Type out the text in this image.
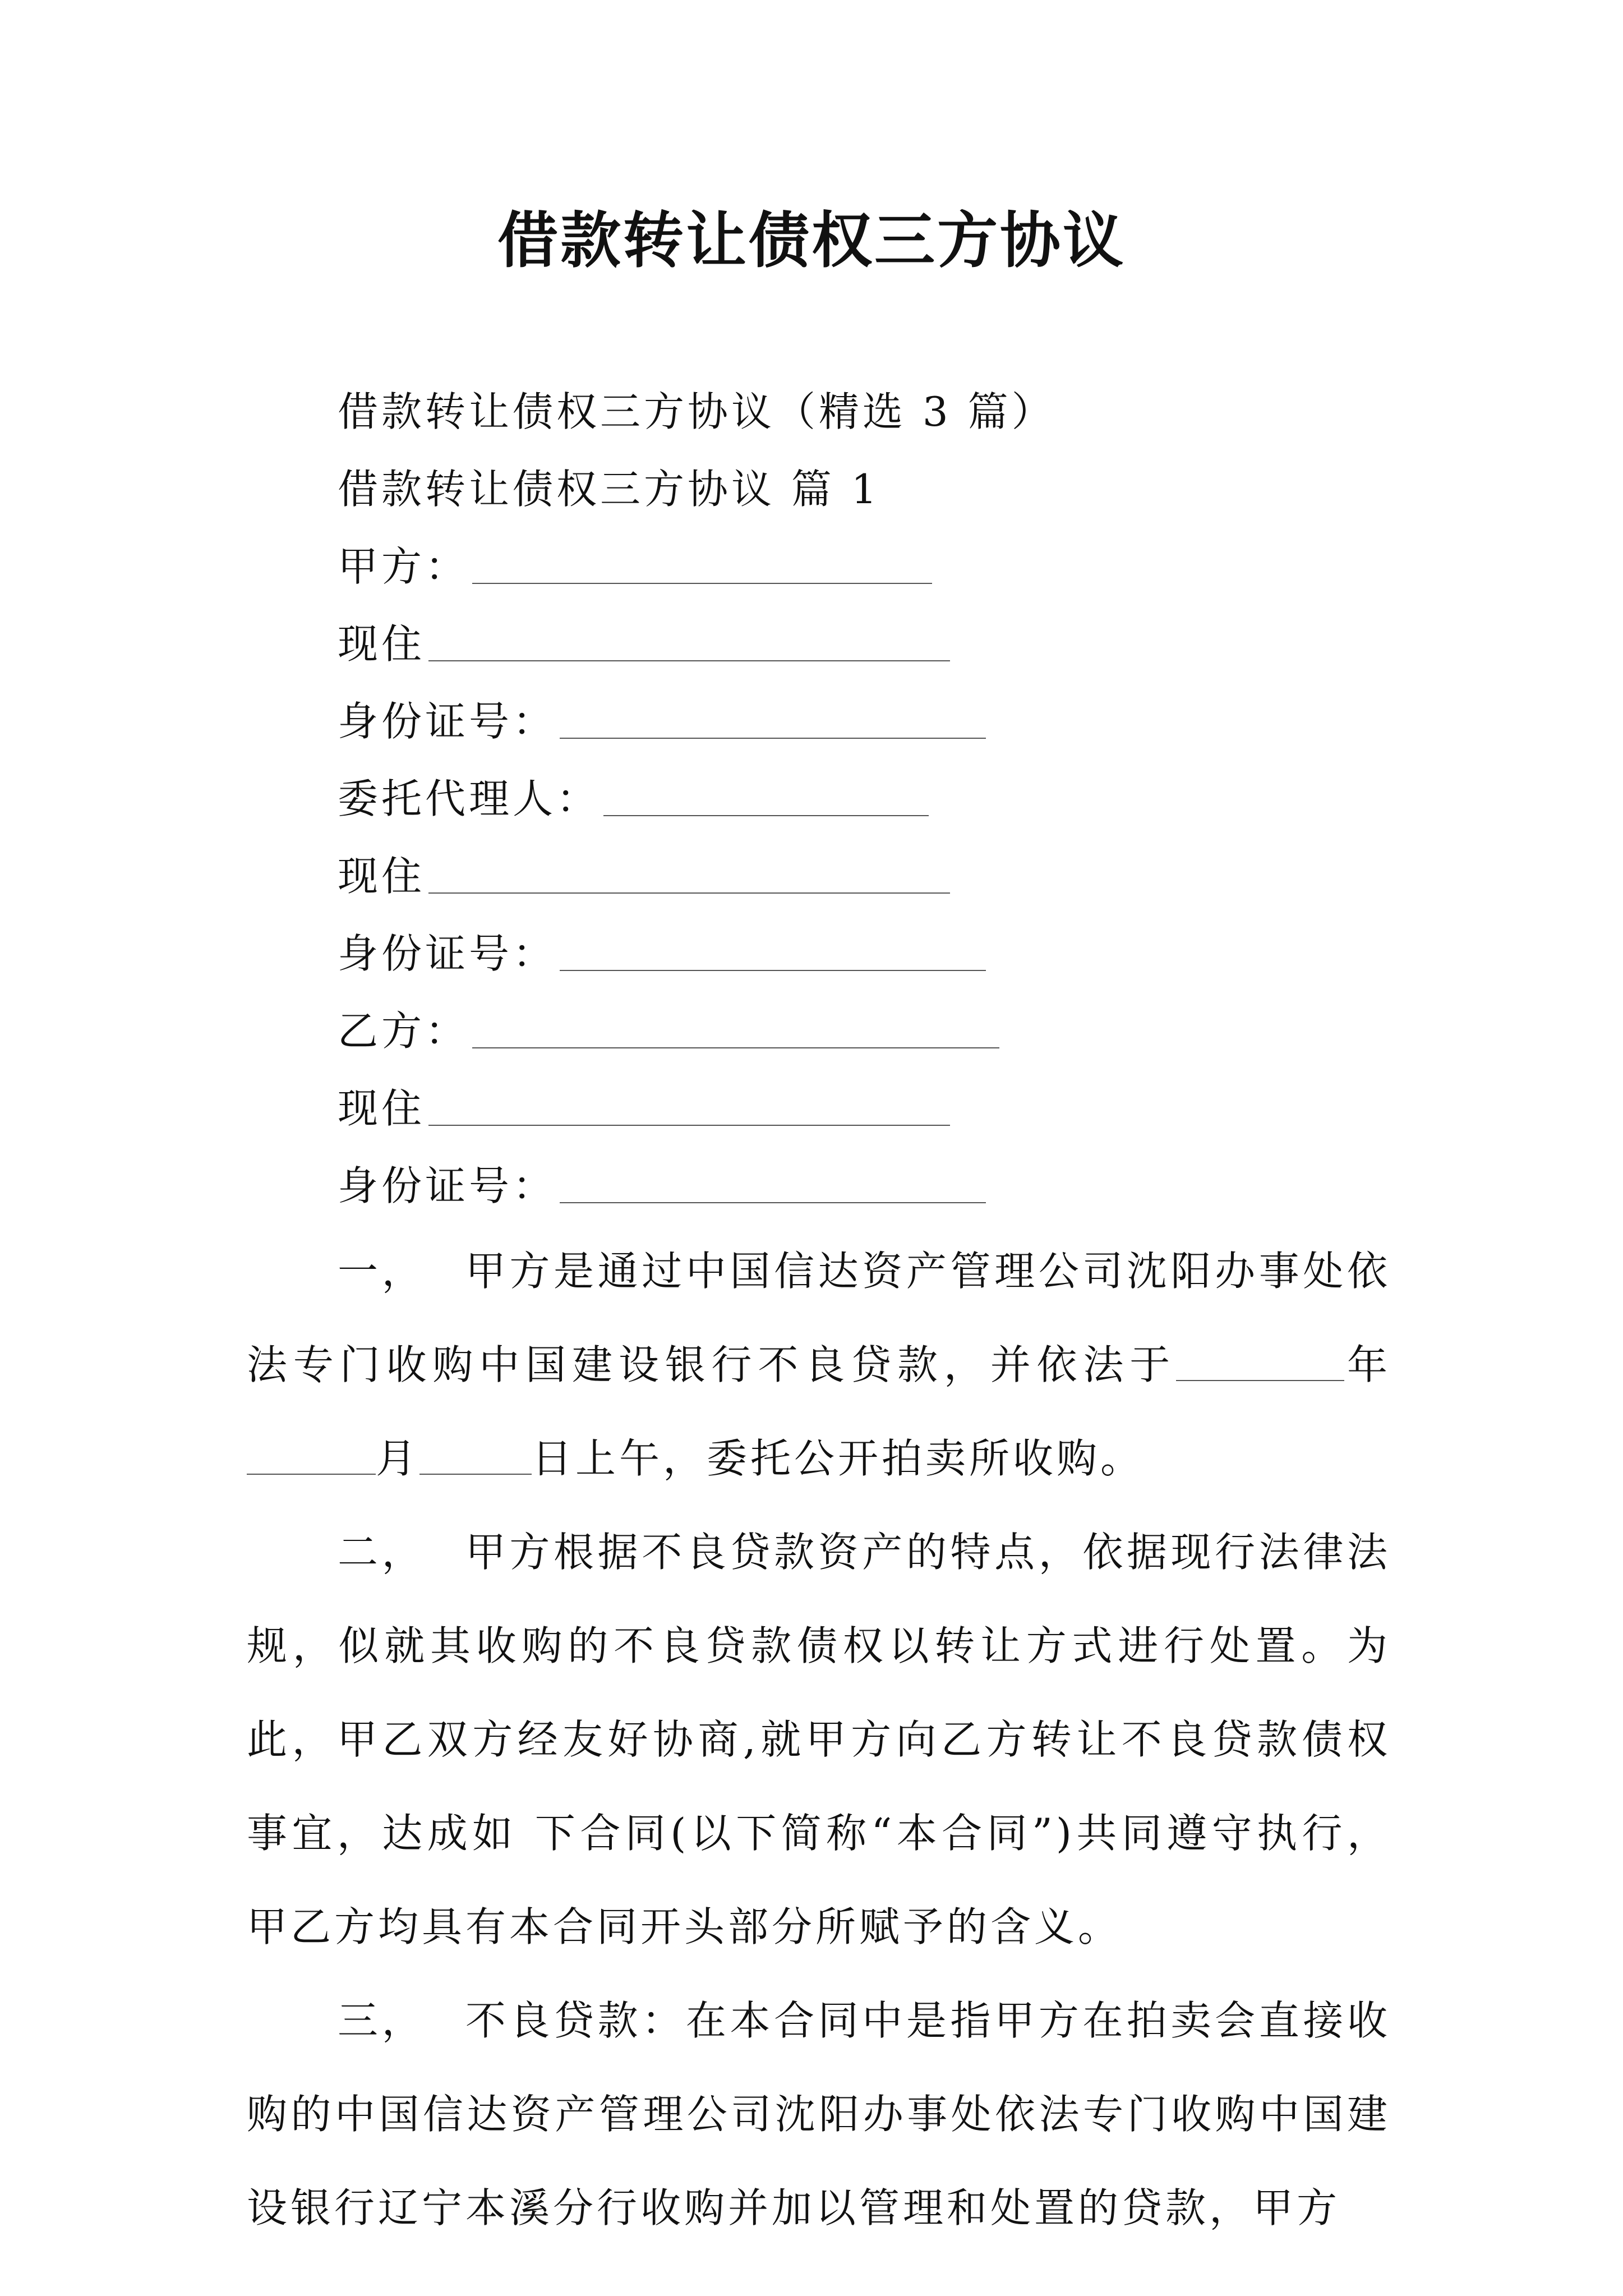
借款转让债权三方协议
借款转让债权三方协议（精选 3 篇）
借款转让债权三方协议 篇 1
甲方：
现住
身份证号：
委托代理人：
现住
身份证号：
乙方：
现住
身份证号：

一， 甲方是通过中国信达资产管理公司沈阳办事处依法专门收购中国建设银行不良贷款，并依法于	年月	日上午，委托公开拍卖所收购。

二， 甲方根据不良贷款资产的特点，依据现行法律法规，似就其收购的不良贷款债权以转让方式进行处置。为此，甲乙双方经友好协商,就甲方向乙方转让不良贷款债权事宜，达成如 下合同(以下简称“本合同”)共同遵守执行，甲乙方均具有本合同开头部分所赋予的含义。

三， 不良贷款：在本合同中是指甲方在拍卖会直接收购的中国信达资产管理公司沈阳办事处依法专门收购中国建设银行辽宁本溪分行收购并加以管理和处置的贷款，甲方
